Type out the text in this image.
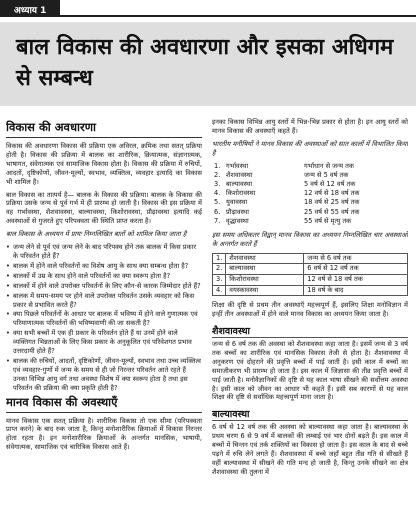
अध्याय 1
बाल विकास की अवधारणा और इसका अधिगम से सम्बन्ध
विकास की अवधारणा

विकास की अवधारणा विकास की प्रक्रिया एक अविरल, क्रमिक तथा सतत् प्रक्रिया होती है। विकास की प्रक्रिया में बालक का शारीरिक, क्रियात्मक, संज्ञानात्मक, भाषागत, संवेगात्मक एवं सामाजिक विकास होता है। विकास की प्रक्रिया में रुचियों, आदतों, दृष्टिकोणों, जीवन-मूल्यों, स्वभाव, व्यक्तित्व, व्यवहार इत्यादि का विकास भी शामिल है।

बाल विकास का तात्पर्य है— बालक के विकास की प्रक्रिया। बालक के विकास की प्रक्रिया उसके जन्म से पूर्व गर्भ में ही प्रारम्भ हो जाती है। विकास की इस प्रक्रिया में वह गर्भावस्था, शैशवावस्था, बाल्यावस्था, किशोरावस्था, प्रौढ़ावस्था इत्यादि कई अवस्थाओं से गुजरते हुए परिपक्वता की स्थिति प्राप्त करता है।

बाल विकास के अध्ययन में प्रायः निम्नलिखित बातों को शामिल किया जाता है

• जन्म लेने से पूर्व एवं जन्म लेने के बाद परिपक्व होने तक बालक में किस प्रकार के परिवर्तन होते हैं?
• बालक में होने वाले परिवर्तनों का विशेष आयु के साथ क्या सम्बन्ध होता है?
• बालकों में उम्र के साथ होने वाले परिवर्तनों का क्या स्वरूप होता है?
• बालकों में होने वाले उपरोक्त परिवर्तनों के लिए कौन-से कारक जिम्मेदार होते हैं?
• बालक में समय-समय पर होने वाले उपरोक्त परिवर्तन उसके व्यवहार को किस प्रकार से प्रभावित करते हैं?
• क्या पिछले परिवर्तनों के आधार पर बालक में भविष्य में होने वाले गुणात्मक एवं परिमाणात्मक परिवर्तनों की भविष्यवाणी की जा सकती है?
• क्या सभी बच्चों में एक ही प्रकार के परिवर्तन होते हैं या उनमें होने वाले व्यक्तिगत भिन्नताओं के लिए किस प्रकार के अनुकूलित एवं परिवेशगत प्रभाव उत्तरदायी होते हैं?
• बालक की रुचियों, आदतों, दृष्टिकोणों, जीवन-मूल्यों, स्वभाव तथा उच्च व्यक्तित्व एवं व्यवहार-गुणों में जन्म के समय से ही जो निरन्तर परिवर्तन आते रहते हैं उनका विभिन्न आयु वर्ग तथा अवस्था विशेष में क्या स्वरूप होता है तथा इस परिवर्तन की प्रक्रिया की क्या प्रकृति होती है?
मानव विकास की अवस्थाएँ

मानव विकास एक सतत् प्रक्रिया है। शारीरिक विकास तो एक सीमा (परिपक्वता प्राप्त करने) के बाद रुक जाता है, किन्तु मनोशारीरिक क्रियाओं में विकास निरन्तर होता रहता है। इन मनोशारीरिक क्रियाओं के अन्तर्गत मानसिक, भाषायी, संवेगात्मक, सामाजिक एवं चारित्रिक विकास आते हैं।

इनका विकास विभिन्न आयु स्तरों में भिन्न-भिन्न प्रकार से होता है। इन आयु स्तरों को मानव विकास की अवस्थाएँ कहते हैं।

भारतीय मनीषियों ने मानव विकास की अवस्थाओं को सात कालों में विभाजित किया है

1.	गर्भावस्था	गर्भाधान से जन्म तक
2.	शैशवावस्था	जन्म से 5 वर्ष तक
3.	बाल्यावस्था	5 वर्ष से 12 वर्ष तक
4.	किशोरावस्था	12 वर्ष से 18 वर्ष तक
5.	युवावस्था	18 वर्ष से 25 वर्ष तक
6.	प्रौढ़ावस्था	25 वर्ष से 55 वर्ष तक
7.	वृद्धावस्था	55 वर्ष से मृत्यु तक

इस समय अधिकतर विद्वान् मानव विकास का अध्ययन निम्नलिखित चार अवस्थाओं के अन्तर्गत करते हैं

1.	शैशवावस्था	जन्म से 6 वर्ष तक
2.	बाल्यावस्था	6 वर्ष से 12 वर्ष तक
3.	किशोरावस्था	12 वर्ष से 18 वर्ष तक
4.	वयस्कावस्था	18 वर्ष के बाद

शिक्षा की दृष्टि से प्रथम तीन अवस्थाएँ महत्त्वपूर्ण हैं, इसलिए शिक्षा मनोविज्ञान में इन्हीं तीन अवस्थाओं में होने वाले मानव विकास का अध्ययन किया जाता है।

शैशवावस्था

जन्म से 6 वर्ष तक की अवस्था को शैशवावस्था कहा जाता है। इसमें जन्म से 3 वर्ष तक बच्चों का शारीरिक एवं मानसिक विकास तेजी से होता है। शैशवावस्था में अनुकरण एवं दोहराने की प्रवृत्ति बच्चों में पाई जाती है। इसी काल में बच्चों का समाजीकरण भी प्रारम्भ हो जाता है। इस काल में जिज्ञासा की तीव्र प्रवृत्ति बच्चों में पाई जाती है। मनोवैज्ञानिकों की दृष्टि से यह काल भाषा सीखने की सर्वोत्तम अवस्था है। इसी काल को जीवन का आधार भी कहते हैं। इसी सब कारणों से यह काल शिक्षा की दृष्टि से सर्वाधिक महत्त्वपूर्ण माना जाता है।

बाल्यावस्था

6 वर्ष से 12 वर्ष तक की अवस्था को बाल्यावस्था कहा जाता है। बाल्यावस्था के प्रथम चरण 6 से 9 वर्ष में बालकों की लम्बाई एवं भार दोनों बढ़ते हैं। इस काल में बच्चों में चिन्तन एवं तर्क शक्तियों का विकास हो जाता है। इस काल के बाद से बच्चे पढ़ने में रुचि लेने लगते हैं। शैशवावस्था में बच्चे जहाँ बहुत तीव्र गति से सीखते हैं वहीं बाल्यावस्था में सीखने की गति मन्द हो जाती है, किन्तु उनके सीखने का क्षेत्र शैशवावस्था की तुलना में
